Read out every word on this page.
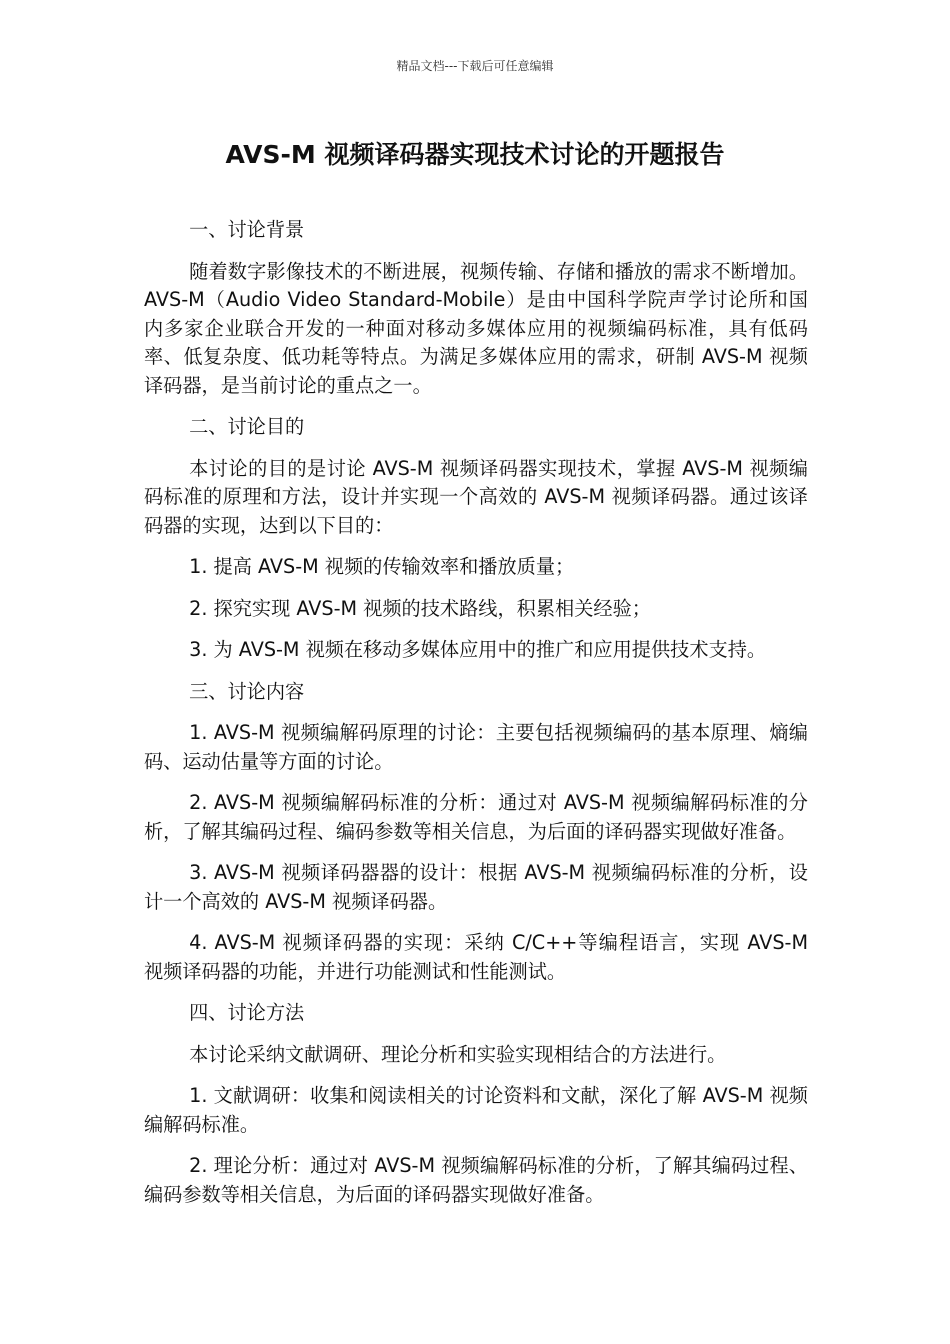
精品文档---下载后可任意编辑
AVS-M 视频译码器实现技术讨论的开题报告

一、讨论背景

随着数字影像技术的不断进展，视频传输、存储和播放的需求不断增加。AVS-M（Audio Video Standard-Mobile）是由中国科学院声学讨论所和国内多家企业联合开发的一种面对移动多媒体应用的视频编码标准，具有低码率、低复杂度、低功耗等特点。为满足多媒体应用的需求，研制 AVS-M 视频译码器，是当前讨论的重点之一。

二、讨论目的

本讨论的目的是讨论 AVS-M 视频译码器实现技术，掌握 AVS-M 视频编码标准的原理和方法，设计并实现一个高效的 AVS-M 视频译码器。通过该译码器的实现，达到以下目的：

1. 提高 AVS-M 视频的传输效率和播放质量；

2. 探究实现 AVS-M 视频的技术路线，积累相关经验；

3. 为 AVS-M 视频在移动多媒体应用中的推广和应用提供技术支持。

三、讨论内容

1. AVS-M 视频编解码原理的讨论：主要包括视频编码的基本原理、熵编码、运动估量等方面的讨论。

2. AVS-M 视频编解码标准的分析：通过对 AVS-M 视频编解码标准的分析，了解其编码过程、编码参数等相关信息，为后面的译码器实现做好准备。

3. AVS-M 视频译码器器的设计：根据 AVS-M 视频编码标准的分析，设计一个高效的 AVS-M 视频译码器。

4. AVS-M 视频译码器的实现：采纳 C/C++等编程语言，实现 AVS-M 视频译码器的功能，并进行功能测试和性能测试。

四、讨论方法

本讨论采纳文献调研、理论分析和实验实现相结合的方法进行。

1. 文献调研：收集和阅读相关的讨论资料和文献，深化了解 AVS-M 视频编解码标准。

2. 理论分析：通过对 AVS-M 视频编解码标准的分析，了解其编码过程、编码参数等相关信息，为后面的译码器实现做好准备。
